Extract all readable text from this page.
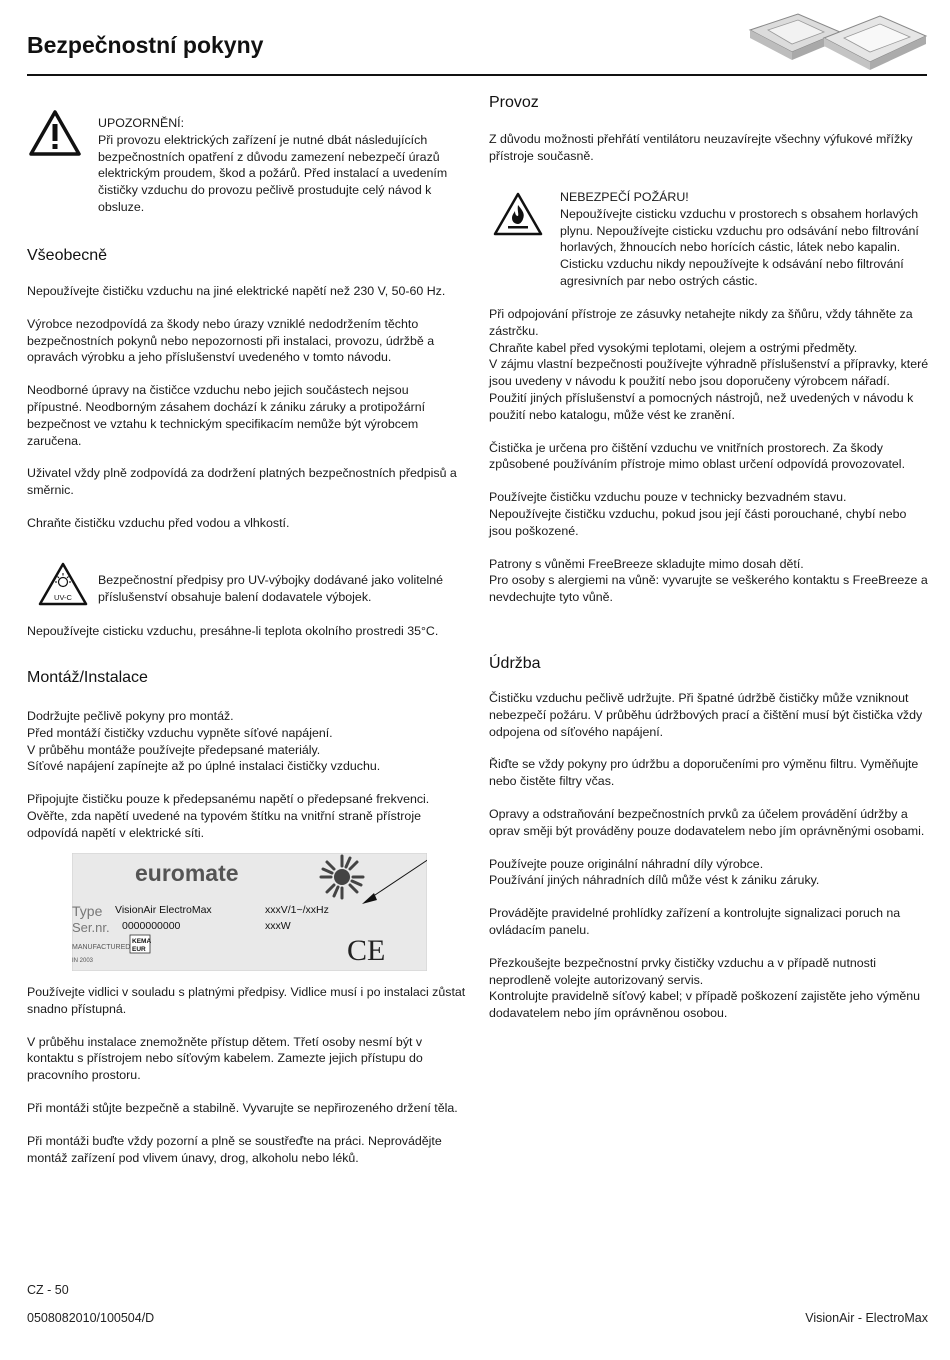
Bezpečnostní pokyny
UPOZORNĚNÍ:

Při provozu elektrických zařízení je nutné dbát následujících bezpečnostních opatření z důvodu zamezení nebezpečí úrazů elektrickým proudem, škod a požárů. Před instalací a uvedením čističky vzduchu do provozu pečlivě prostudujte celý návod k obsluze.

Všeobecně

Nepoužívejte čističku vzduchu na jiné elektrické napětí než 230 V, 50-60 Hz.

Výrobce nezodpovídá za škody nebo úrazy vzniklé nedodržením těchto bezpečnostních pokynů nebo nepozornosti při instalaci, provozu, údržbě a opravách výrobku a jeho příslušenství uvedeného v tomto návodu.

Neodborné úpravy na čističce vzduchu nebo jejich součástech nejsou přípustné. Neodborným zásahem dochází k zániku záruky a protipožární bezpečnost ve vztahu k technickým specifikacím nemůže být výrobcem zaručena.

Uživatel vždy plně zodpovídá za dodržení platných bezpečnostních předpisů a směrnic.

Chraňte čističku vzduchu před vodou a vlhkostí.

UV-C
Bezpečnostní předpisy pro UV-výbojky dodávané jako volitelné příslušenství obsahuje balení dodavatele výbojek.
Nepoužívejte cisticku vzduchu, presáhne-li teplota okolního prostredi 35°C.
Montáž/Instalace

Dodržujte pečlivě pokyny pro montáž.

Před montáží čističky vzduchu vypněte síťové napájení.

V průběhu montáže používejte předepsané materiály.

Síťové napájení zapínejte až po úplné instalaci čističky vzduchu.

Připojujte čističku pouze k předepsanému napětí o předepsané frekvenci. Ověřte, zda napětí uvedené na typovém štítku na vnitřní straně přístroje odpovídá napětí v elektrické síti.

euromate
Type VisionAir ElectroMax	xxxV/1~/xxHz
Ser.nr. 0000000000	xxxW
MANUFACTURED
IN 2003
KEMA
EUR	CE

Používejte vidlici v souladu s platnými předpisy. Vidlice musí i po instalaci zůstat snadno přístupná.

V průběhu instalace znemožněte přístup dětem. Třetí osoby nesmí být v kontaktu s přístrojem nebo síťovým kabelem. Zamezte jejich přístupu do pracovního prostoru.

Při montáži stůjte bezpečně a stabilně. Vyvarujte se nepřirozeného držení těla.

Při montáži buďte vždy pozorní a plně se soustřeďte na práci. Neprovádějte montáž zařízení pod vlivem únavy, drog, alkoholu nebo léků.

Provoz
Z důvodu možnosti přehřátí ventilátoru neuzavírejte všechny výfukové mřížky přístroje současně.
NEBEZPEČÍ POŽÁRU!

Nepoužívejte cisticku vzduchu v prostorech s obsahem horlavých plynu. Nepoužívejte cisticku vzduchu pro odsávání nebo filtrování horlavých, žhnoucích nebo horících cástic, látek nebo kapalin. Cisticku vzduchu nikdy nepoužívejte k odsávání nebo filtrování agresivních par nebo ostrých cástic.

Při odpojování přístroje ze zásuvky netahejte nikdy za šňůru, vždy táhněte za zástrčku.

Chraňte kabel před vysokými teplotami, olejem a ostrými předměty.

V zájmu vlastní bezpečnosti používejte výhradně příslušenství a přípravky, které jsou uvedeny v návodu k použití nebo jsou doporučeny výrobcem nářadí. Použití jiných příslušenství a pomocných nástrojů, než uvedených v návodu k použití nebo katalogu, může vést ke zranění.

Čistička je určena pro čištění vzduchu ve vnitřních prostorech. Za škody způsobené používáním přístroje mimo oblast určení odpovídá provozovatel.

Používejte čističku vzduchu pouze v technicky bezvadném stavu.

Nepoužívejte čističku vzduchu, pokud jsou její části porouchané, chybí nebo jsou poškozené.

Patrony s vůněmi FreeBreeze skladujte mimo dosah dětí.

Pro osoby s alergiemi na vůně: vyvarujte se veškerého kontaktu s FreeBreeze a nevdechujte tyto vůně.

Údržba

Čističku vzduchu pečlivě udržujte. Při špatné údržbě čističky může vzniknout nebezpečí požáru. V průběhu údržbových prací a čištění musí být čistička vždy odpojena od síťového napájení.

Řiďte se vždy pokyny pro údržbu a doporučeními pro výměnu filtru. Vyměňujte nebo čistěte filtry včas.

Opravy a odstraňování bezpečnostních prvků za účelem provádění údržby a oprav směji být prováděny pouze dodavatelem nebo jím oprávněnými osobami.

Používejte pouze originální náhradní díly výrobce.

Používání jiných náhradních dílů může vést k zániku záruky.

Provádějte pravidelné prohlídky zařízení a kontrolujte signalizaci poruch na ovládacím panelu.

Přezkoušejte bezpečnostní prvky čističky vzduchu a v případě nutnosti neprodleně volejte autorizovaný servis.

Kontrolujte pravidelně síťový kabel; v případě poškození zajistěte jeho výměnu dodavatelem nebo jím oprávněnou osobou.

CZ - 50
0508082010/100504/D	VisionAir - ElectroMax
